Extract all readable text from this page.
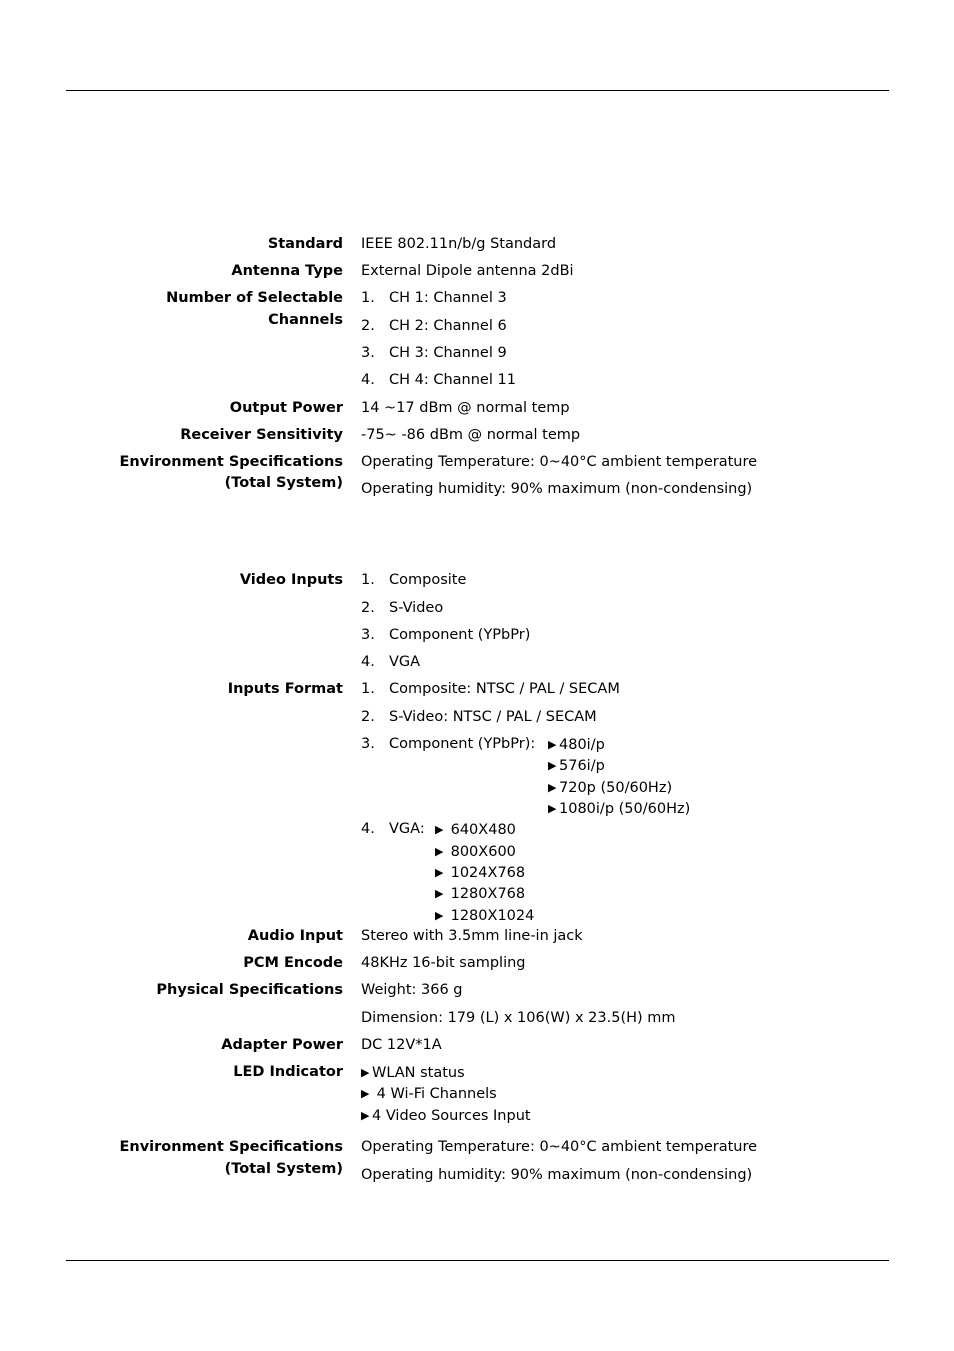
Standard IEEE 802.11n/b/g Standard
Antenna Type External Dipole antenna 2dBi
Number of Selectable
Channels
1. CH 1: Channel 3
2. CH 2: Channel 6
3. CH 3: Channel 9
4. CH 4: Channel 11
Output Power 14 ~17 dBm @ normal temp
Receiver Sensitivity -75~ -86 dBm @ normal temp
Environment Specifications
(Total System)
Operating Temperature: 0~40°C ambient temperature
Operating humidity: 90% maximum (non-condensing)
Video Inputs 1. Composite
2. S-Video
3. Component (YPbPr)
4. VGA
Inputs Format 1. Composite: NTSC / PAL / SECAM
2. S-Video: NTSC / PAL / SECAM
3. Component (YPbPr): ▶ 480i/p
▶ 576i/p
▶ 720p (50/60Hz)
▶ 1080i/p (50/60Hz)
4. VGA: ▶ 640X480
▶ 800X600
▶ 1024X768
▶ 1280X768
▶ 1280X1024
Audio Input Stereo with 3.5mm line-in jack
PCM Encode 48KHz 16-bit sampling
Physical Specifications Weight: 366 g
Dimension: 179 (L) x 106(W) x 23.5(H) mm
Adapter Power DC 12V*1A
LED Indicator ▶ WLAN status
▶ 4 Wi-Fi Channels
▶ 4 Video Sources Input
Environment Specifications
(Total System)
Operating Temperature: 0~40°C ambient temperature
Operating humidity: 90% maximum (non-condensing)
